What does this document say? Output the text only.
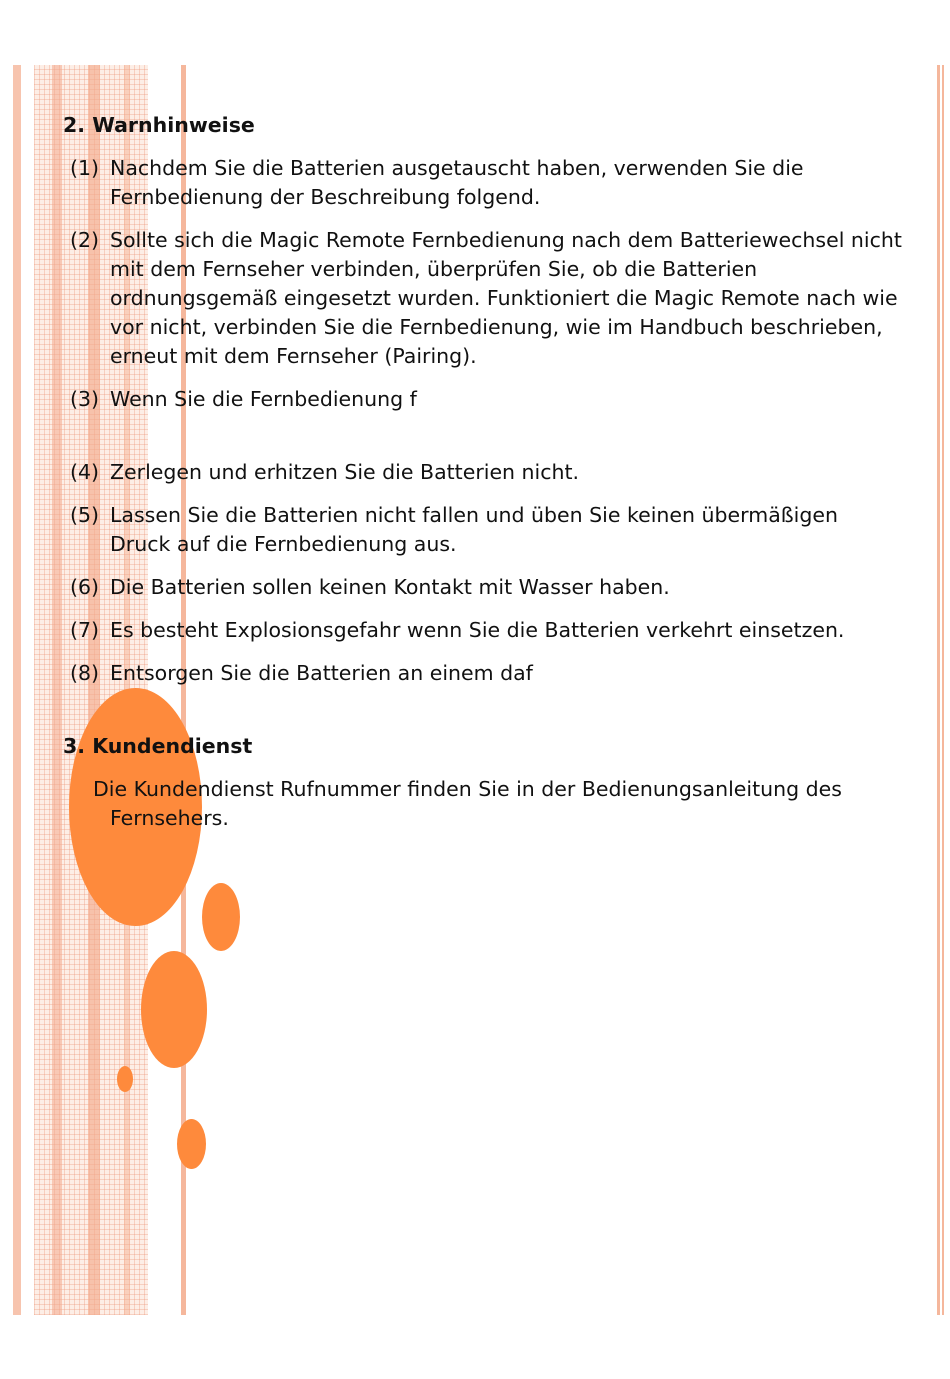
2. Warnhinweise
(1) Nachdem Sie die Batterien ausgetauscht haben, verwenden Sie die Fernbedienung der Beschreibung folgend.
(2) Sollte sich die Magic Remote Fernbedienung nach dem Batteriewechsel nicht mit dem Fernseher verbinden, überprüfen Sie, ob die Batterien ordnungsgemäß eingesetzt wurden. Funktioniert die Magic Remote nach wie vor nicht, verbinden Sie die Fernbedienung, wie im Handbuch beschrieben, erneut mit dem Fernseher (Pairing).
(3) Wenn Sie die Fernbedienung f
(4) Zerlegen und erhitzen Sie die Batterien nicht.
(5) Lassen Sie die Batterien nicht fallen und üben Sie keinen übermäßigen Druck auf die Fernbedienung aus.
(6) Die Batterien sollen keinen Kontakt mit Wasser haben.
(7) Es besteht Explosionsgefahr wenn Sie die Batterien verkehrt einsetzen.
(8) Entsorgen Sie die Batterien an einem daf
3. Kundendienst

Die Kundendienst Rufnummer finden Sie in der Bedienungsanleitung des Fernsehers.
